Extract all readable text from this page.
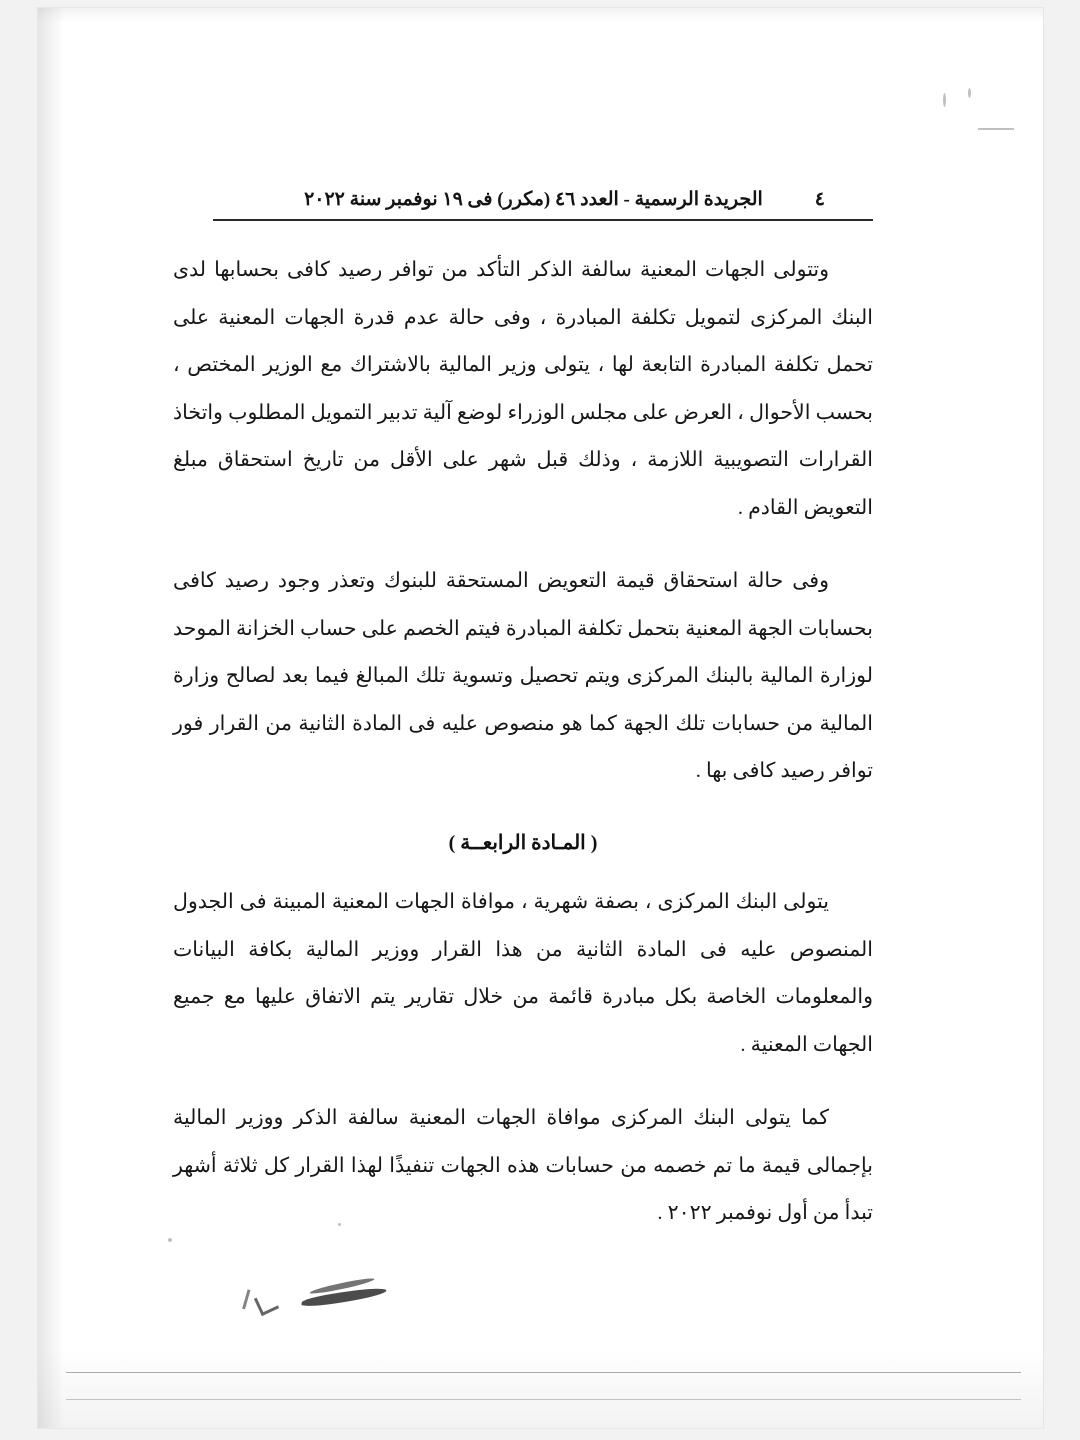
٤
الجريدة الرسمية - العدد ٤٦ (مكرر) فى ١٩ نوفمبر سنة ٢٠٢٢

وتتولى الجهات المعنية سالفة الذكر التأكد من توافر رصيد كافى بحسابها لدى البنك المركزى لتمويل تكلفة المبادرة ، وفى حالة عدم قدرة الجهات المعنية على تحمل تكلفة المبادرة التابعة لها ، يتولى وزير المالية بالاشتراك مع الوزير المختص ، بحسب الأحوال ، العرض على مجلس الوزراء لوضع آلية تدبير التمويل المطلوب واتخاذ القرارات التصويبية اللازمة ، وذلك قبل شهر على الأقل من تاريخ استحقاق مبلغ التعويض القادم .

وفى حالة استحقاق قيمة التعويض المستحقة للبنوك وتعذر وجود رصيد كافى بحسابات الجهة المعنية بتحمل تكلفة المبادرة فيتم الخصم على حساب الخزانة الموحد لوزارة المالية بالبنك المركزى ويتم تحصيل وتسوية تلك المبالغ فيما بعد لصالح وزارة المالية من حسابات تلك الجهة كما هو منصوص عليه فى المادة الثانية من القرار فور توافر رصيد كافى بها .

( المـادة الرابعــة )

يتولى البنك المركزى ، بصفة شهرية ، موافاة الجهات المعنية المبينة فى الجدول المنصوص عليه فى المادة الثانية من هذا القرار ووزير المالية بكافة البيانات والمعلومات الخاصة بكل مبادرة قائمة من خلال تقارير يتم الاتفاق عليها مع جميع الجهات المعنية .

كما يتولى البنك المركزى موافاة الجهات المعنية سالفة الذكر ووزير المالية بإجمالى قيمة ما تم خصمه من حسابات هذه الجهات تنفيذًا لهذا القرار كل ثلاثة أشهر تبدأ من أول نوفمبر ٢٠٢٢ .
